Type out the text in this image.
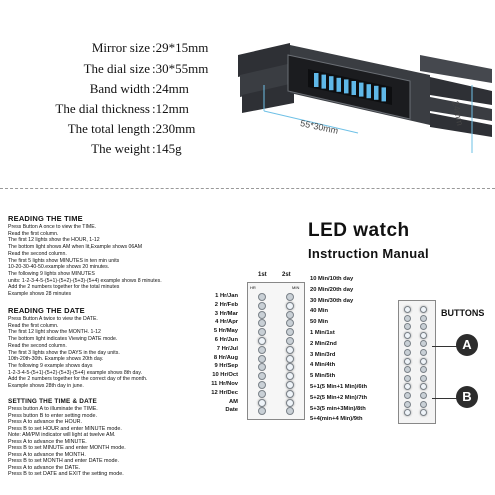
Mirror size :29*15mm
The dial size :30*55mm
Band width :24mm
The dial thickness :12mm
The total length :230mm
The weight :145g
55*30mm
24mm
READING THE TIME
Press Button A once to view the TIME.
Read the first column.
The first 12 lights show the HOUR, 1-12
The bottom light shows AM when lit,Example shows 06AM
Read the second column.
The first 5 lights show MINUTES in ten min units
10-20-30-40-50.example shows 20 minutes.
The following 9 lights show MINUTES
units: 1-2-3-4-5-(5+1)-(5+2)-(5+3)-(5+4) example shows 8 minutes.
Add the 2 numbers together for the total minutes
Example shows 28 minutes
READING THE DATE
Press Button A twice to view the DATE.
Read the first column.
The first 12 light show the MONTH. 1-12
The bottom light indicates Viewing DATE mode.
Read the second column.
The first 3 lights show the DAYS in the day units.
10th-20th-30th. Example shows 20th day.
The following 9 example shows days
1-2-3-4-5-(5+1)-(5+2)-(5+3)-(5+4) example shows 8th day.
Add the 2 numbers together for the correct day of the month.
Example shows 28th day in june.
SETTING THE TIME & DATE
Press button A to illuminate the TIME.
Press button B to enter setting mode.
Press A to advance the HOUR.
Press B to set HOUR and enter MINUTE mode.
Note: AM/PM indicator will light at twelve AM.
Press A to advance the MINUTE.
Press B to set MINUTE and enter MONTH mode.
Press A to advance the MONTH.
Press B to set MONTH and enter DATE mode.
Press A to advance the DATE.
Press B to set DATE and EXIT the setting mode.
LED watch
Instruction Manual
1st	2st
HR	MIN
1 Hr/Jan
2 Hr/Feb
3 Hr/Mar
4 Hr/Apr
5 Hr/May
6 Hr/Jun
7 Hr/Jul
8 Hr/Aug
9 Hr/Sep
10 Hr/Oct
11 Hr/Nov
12 Hr/Dec
AM
Date
10 Min/10th day
20 Min/20th day
30 Min/30th day
40 Min
50 Min
1 Min/1st
2 Min/2nd
3 Min/3rd
4 Min/4th
5 Min/5th
5+1(5 Min+1 Min)/6th
5+2(5 Min+2 Min)/7th
5+3(5 min+3Min)/8th
5+4(min+4 Min)/9th
BUTTONS
A
B
